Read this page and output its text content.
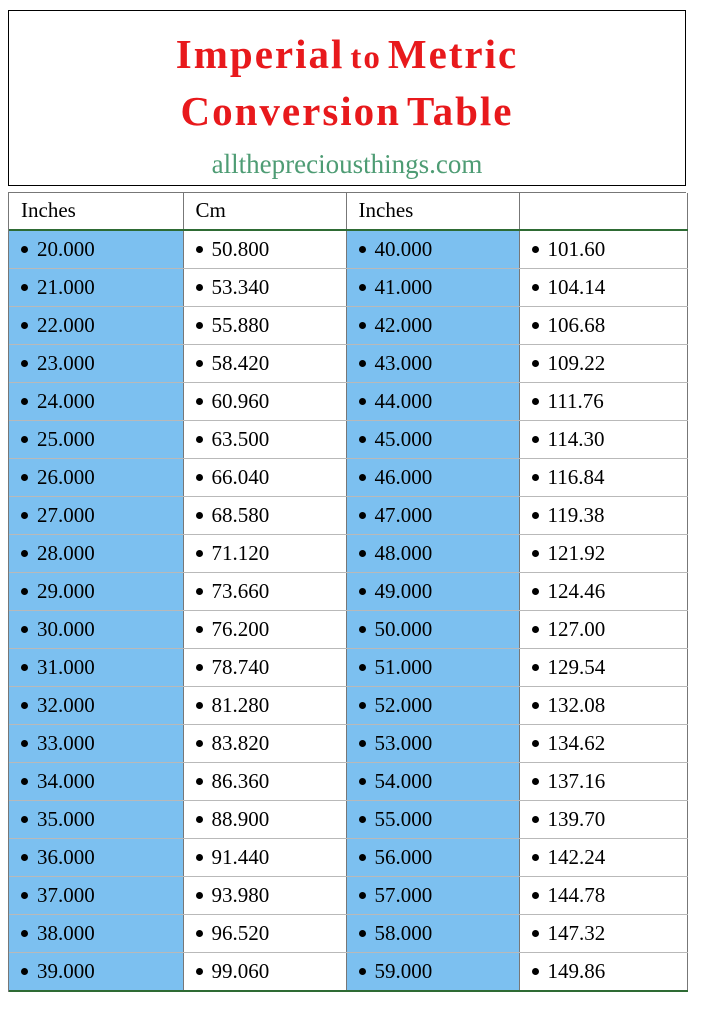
Imperial to Metric
Conversion Table
allthepreciousthings.com
Inches	Cm	Inches	
20.000	50.800	40.000	101.60
21.000	53.340	41.000	104.14
22.000	55.880	42.000	106.68
23.000	58.420	43.000	109.22
24.000	60.960	44.000	111.76
25.000	63.500	45.000	114.30
26.000	66.040	46.000	116.84
27.000	68.580	47.000	119.38
28.000	71.120	48.000	121.92
29.000	73.660	49.000	124.46
30.000	76.200	50.000	127.00
31.000	78.740	51.000	129.54
32.000	81.280	52.000	132.08
33.000	83.820	53.000	134.62
34.000	86.360	54.000	137.16
35.000	88.900	55.000	139.70
36.000	91.440	56.000	142.24
37.000	93.980	57.000	144.78
38.000	96.520	58.000	147.32
39.000	99.060	59.000	149.86
